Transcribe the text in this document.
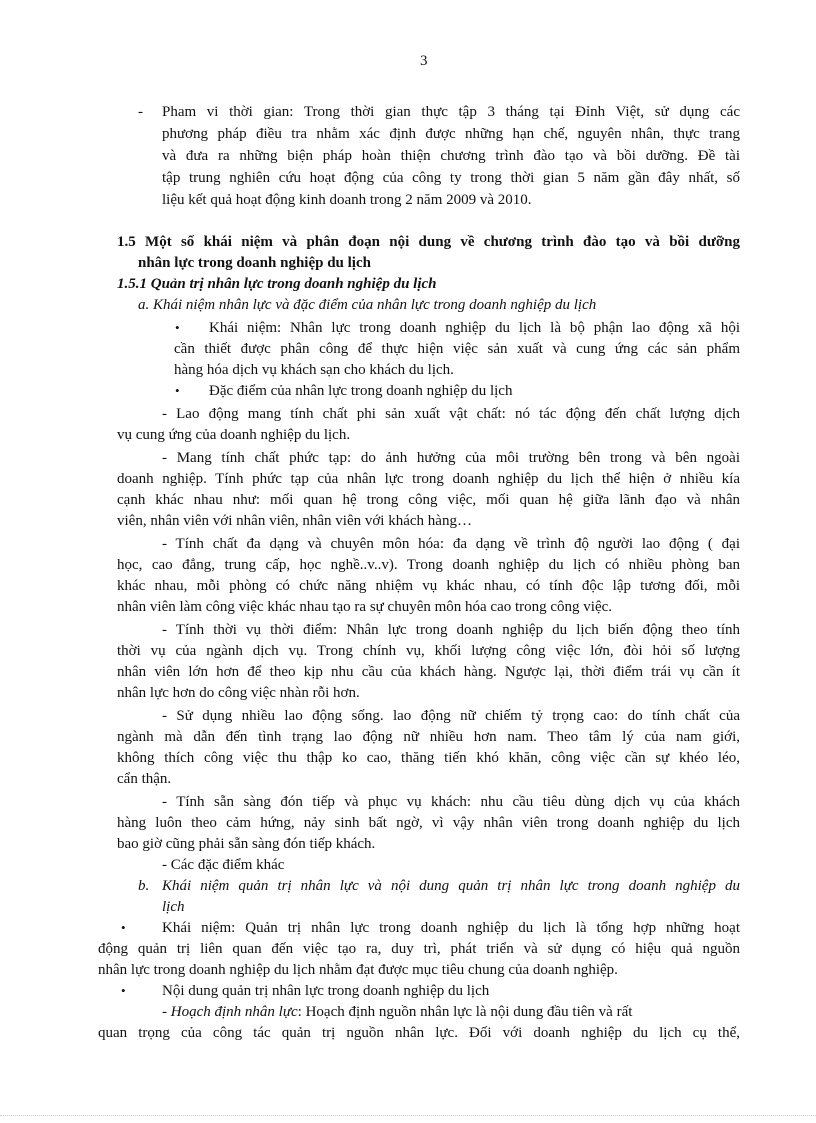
3
- Pham vi thời gian: Trong thời gian thực tập 3 tháng tại Đỉnh Việt, sử dụng các
phương pháp điều tra nhằm xác định được những hạn chế, nguyên nhân, thực trang
và đưa ra những biện pháp hoàn thiện chương trình đào tạo và bồi dưỡng. Đề tài
tập trung nghiên cứu hoạt động của công ty trong thời gian 5 năm gần đây nhất, số
liệu kết quả hoạt động kinh doanh trong 2 năm 2009 và 2010.
1.5 Một số khái niệm và phân đoạn nội dung về chương trình đào tạo và bồi dưỡng
nhân lực trong doanh nghiệp du lịch
1.5.1 Quản trị nhân lực trong doanh nghiệp du lịch
a. Khái niệm nhân lực và đặc điểm của nhân lực trong doanh nghiệp du lịch
• Khái niệm: Nhân lực trong doanh nghiệp du lịch là bộ phận lao động xã hội
cần thiết được phân công để thực hiện việc sản xuất và cung ứng các sản phẩm
hàng hóa dịch vụ khách sạn cho khách du lịch.
• Đặc điểm của nhân lực trong doanh nghiệp du lịch
- Lao động mang tính chất phi sản xuất vật chất: nó tác động đến chất lượng dịch
vụ cung ứng của doanh nghiệp du lịch.
- Mang tính chất phức tạp: do ảnh hưởng của môi trường bên trong và bên ngoài
doanh nghiệp. Tính phức tạp của nhân lực trong doanh nghiệp du lịch thể hiện ở nhiều kía
cạnh khác nhau như: mối quan hệ trong công việc, mối quan hệ giữa lãnh đạo và nhân
viên, nhân viên với nhân viên, nhân viên với khách hàng…
- Tính chất đa dạng và chuyên môn hóa: đa dạng về trình độ người lao động ( đại
học, cao đẳng, trung cấp, học nghề..v..v). Trong doanh nghiệp du lịch có nhiều phòng ban
khác nhau, mỗi phòng có chức năng nhiệm vụ khác nhau, có tính độc lập tương đối, mỗi
nhân viên làm công việc khác nhau tạo ra sự chuyên môn hóa cao trong công việc.
- Tính thời vụ thời điểm: Nhân lực trong doanh nghiệp du lịch biến động theo tính
thời vụ của ngành dịch vụ. Trong chính vụ, khối lượng công việc lớn, đòi hỏi số lượng
nhân viên lớn hơn để theo kịp nhu cầu của khách hàng. Ngược lại, thời điểm trái vụ cần ít
nhân lực hơn do công việc nhàn rỗi hơn.
- Sử dụng nhiều lao động sống. lao động nữ chiếm tỷ trọng cao: do tính chất của
ngành mà dẫn đến tình trạng lao động nữ nhiều hơn nam. Theo tâm lý của nam giới,
không thích công việc thu thập ko cao, thăng tiến khó khăn, công việc cần sự khéo léo,
cẩn thận.
- Tính sẵn sàng đón tiếp và phục vụ khách: nhu cầu tiêu dùng dịch vụ của khách
hàng luôn theo cảm hứng, nảy sinh bất ngờ, vì vậy nhân viên trong doanh nghiệp du lịch
bao giờ cũng phải sẵn sàng đón tiếp khách.
- Các đặc điểm khác
b. Khái niệm quản trị nhân lực và nội dung quản trị nhân lực trong doanh nghiệp du
lịch
• Khái niệm: Quản trị nhân lực trong doanh nghiệp du lịch là tổng hợp những hoạt
động quản trị liên quan đến việc tạo ra, duy trì, phát triển và sử dụng có hiệu quả nguồn
nhân lực trong doanh nghiệp du lịch nhằm đạt được mục tiêu chung của doanh nghiệp.
• Nội dung quản trị nhân lực trong doanh nghiệp du lịch
- Hoạch định nhân lực: Hoạch định nguồn nhân lực là nội dung đầu tiên và rất
quan trọng của công tác quản trị nguồn nhân lực. Đối với doanh nghiệp du lịch cụ thể,
